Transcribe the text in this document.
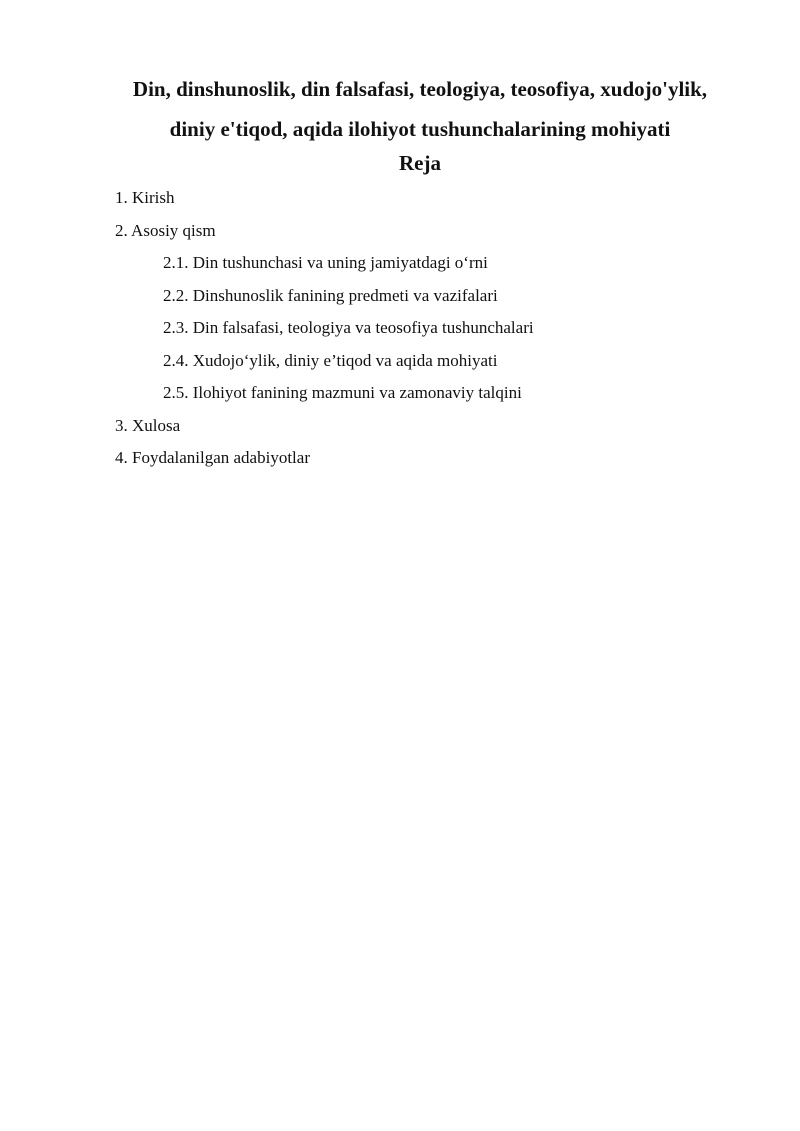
Din, dinshunoslik, din falsafasi, teologiya, teosofiya, xudojo'ylik,
diniy e'tiqod, aqida ilohiyot tushunchalarining mohiyati
Reja
1. Kirish
2. Asosiy qism
2.1. Din tushunchasi va uning jamiyatdagi o‘rni
2.2. Dinshunoslik fanining predmeti va vazifalari
2.3. Din falsafasi, teologiya va teosofiya tushunchalari
2.4. Xudojo‘ylik, diniy e’tiqod va aqida mohiyati
2.5. Ilohiyot fanining mazmuni va zamonaviy talqini
3. Xulosa
4. Foydalanilgan adabiyotlar
